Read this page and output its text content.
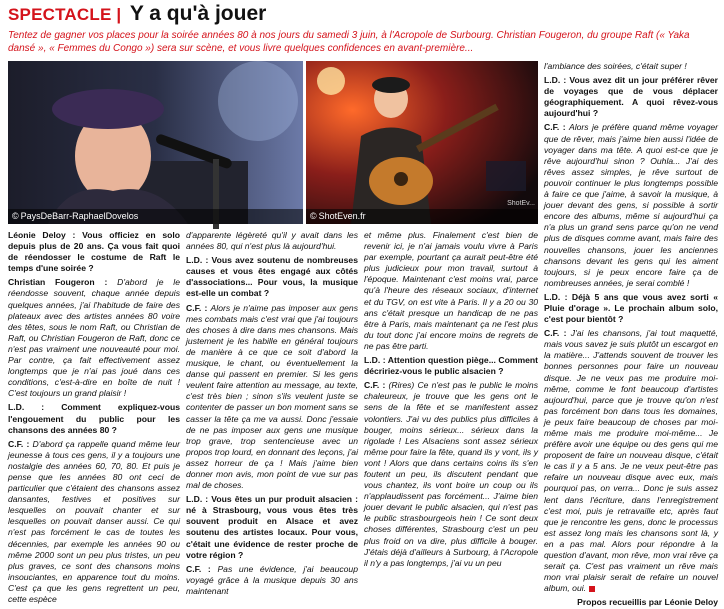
SPECTACLE | Y a qu'à jouer
Tentez de gagner vos places pour la soirée années 80 à nos jours du samedi 3 juin, à l'Acropole de Surbourg. Christian Fougeron, du groupe Raft (« Yaka dansé », « Femmes du Congo ») sera sur scène, et vous livre quelques confidences en avant-première...
© PaysDeBarr-RaphaelDovelos
ShotEv...
© ShotEven.fr

Léonie Deloy : Vous officiez en solo depuis plus de 20 ans. Ça vous fait quoi de réendosser le costume de Raft le temps d'une soirée ?

Christian Fougeron : D'abord je le réendosse souvent, chaque année depuis quelques années, j'ai l'habitude de faire des plateaux avec des artistes années 80 voire des têtes, sous le nom Raft, ou Christian de Raft, ou Christian Fougeron de Raft, donc ce n'est pas vraiment une nouveauté pour moi. Par contre, ça fait effectivement assez longtemps que je n'ai pas joué dans ces conditions, c'est-à-dire en boîte de nuit ! C'est toujours un grand plaisir !

L.D. : Comment expliquez-vous l'engouement du public pour les chansons des années 80 ?

C.F. : D'abord ça rappelle quand même leur jeunesse à tous ces gens, il y a toujours une nostalgie des années 60, 70, 80. Et puis je pense que les années 80 ont ceci de particulier que c'étaient des chansons assez dansantes, festives et positives sur lesquelles on pouvait chanter et sur lesquelles on pouvait danser aussi. Ce qui n'est pas forcément le cas de toutes les décennies, par exemple les années 90 ou même 2000 sont un peu plus tristes, un peu plus graves, ce sont des chansons moins insouciantes, en apparence tout du moins. C'est ça que les gens regrettent un peu, cette espèce

d'apparente légèreté qu'il y avait dans les années 80, qui n'est plus là aujourd'hui.

L.D. : Vous avez soutenu de nombreuses causes et vous êtes engagé aux côtés d'associations... Pour vous, la musique est-elle un combat ?

C.F. : Alors je n'aime pas imposer aux gens mes combats mais c'est vrai que j'ai toujours des choses à dire dans mes chansons. Mais justement je les habille en général toujours de manière à ce que ce soit d'abord la musique, le chant, ou éventuellement la danse qui passent en premier. Si les gens veulent faire attention au message, au texte, c'est très bien ; sinon s'ils veulent juste se contenter de passer un bon moment sans se casser la tête ça me va aussi. Donc j'essaie de ne pas imposer aux gens une musique trop grave, trop sentencieuse avec un propos trop lourd, en donnant des leçons, j'ai assez horreur de ça ! Mais j'aime bien donner mon avis, mon point de vue sur pas mal de choses.

L.D. : Vous êtes un pur produit alsacien : né à Strasbourg, vous vous êtes très souvent produit en Alsace et avez soutenu des artistes locaux. Pour vous, c'était une évidence de rester proche de votre région ?

C.F. : Pas une évidence, j'ai beaucoup voyagé grâce à la musique depuis 30 ans maintenant

et même plus. Finalement c'est bien de revenir ici, je n'ai jamais voulu vivre à Paris par exemple, pourtant ça aurait peut-être été plus judicieux pour mon travail, surtout à l'époque. Maintenant c'est moins vrai, parce qu'à l'heure des réseaux sociaux, d'internet et du TGV, on est vite à Paris. Il y a 20 ou 30 ans c'était presque un handicap de ne pas être à Paris, mais maintenant ça ne l'est plus du tout donc j'ai encore moins de regrets de ne pas être parti.

L.D. : Attention question piège... Comment décririez-vous le public alsacien ?

C.F. : (Rires) Ce n'est pas le public le moins chaleureux, je trouve que les gens ont le sens de la fête et se manifestent assez volontiers. J'ai vu des publics plus difficiles à bouger, moins sérieux... sérieux dans la rigolade ! Les Alsaciens sont assez sérieux même pour faire la fête, quand ils y vont, ils y vont ! Alors que dans certains coins ils s'en foutent un peu, ils discutent pendant que vous chantez, ils vont boire un coup ou ils n'applaudissent pas forcément... J'aime bien jouer devant le public alsacien, qui n'est pas le public strasbourgeois hein ! Ce sont deux choses différentes, Strasbourg c'est un peu plus froid on va dire, plus difficile à bouger. J'étais déjà d'ailleurs à Surbourg, à l'Acropole il n'y a pas longtemps, j'ai vu un peu

l'ambiance des soirées, c'était super !

L.D. : Vous avez dit un jour préférer rêver de voyages que de vous déplacer géographiquement. A quoi rêvez-vous aujourd'hui ?

C.F. : Alors je préfère quand même voyager que de rêver, mais j'aime bien aussi l'idée de voyager dans ma tête. A quoi est-ce que je rêve aujourd'hui sinon ? Ouhla... J'ai des rêves assez simples, je rêve surtout de pouvoir continuer le plus longtemps possible à faire ce que j'aime, à savoir la musique, à jouer devant des gens, si possible à sortir encore des albums, même si aujourd'hui ça n'a plus un grand sens parce qu'on ne vend plus de disques comme avant, mais faire des nouvelles chansons, jouer les anciennes chansons devant les gens qui les aiment toujours, si je peux encore faire ça de nombreuses années, je serai comblé !

L.D. : Déjà 5 ans que vous avez sorti « Pluie d'orage ». Le prochain album solo, c'est pour bientôt ?

C.F. : J'ai les chansons, j'ai tout maquetté, mais vous savez je suis plutôt un escargot en la matière... J'attends souvent de trouver les bonnes personnes pour faire un nouveau disque. Je ne veux pas me produire moi-même, comme le font beaucoup d'artistes aujourd'hui, parce que je trouve qu'on n'est pas forcément bon dans tous les domaines, je peux faire beaucoup de choses par moi-même mais me produire moi-même... Je préfère avoir une équipe ou des gens qui me proposent de faire un nouveau disque, c'était le cas il y a 5 ans. Je ne veux peut-être pas refaire un nouveau disque avec eux, mais pourquoi pas, on verra... Donc je suis assez lent dans l'écriture, dans l'enregistrement c'est moi, puis je retravaille etc, après faut que je rencontre les gens, donc le processus est assez long mais les chansons sont là, y en a pas mal. Alors pour répondre à la question d'avant, mon rêve, mon vrai rêve ça serait ça. C'est pas vraiment un rêve mais mon vrai plaisir serait de refaire un nouvel album, oui.

Propos recueillis par Léonie Deloy
